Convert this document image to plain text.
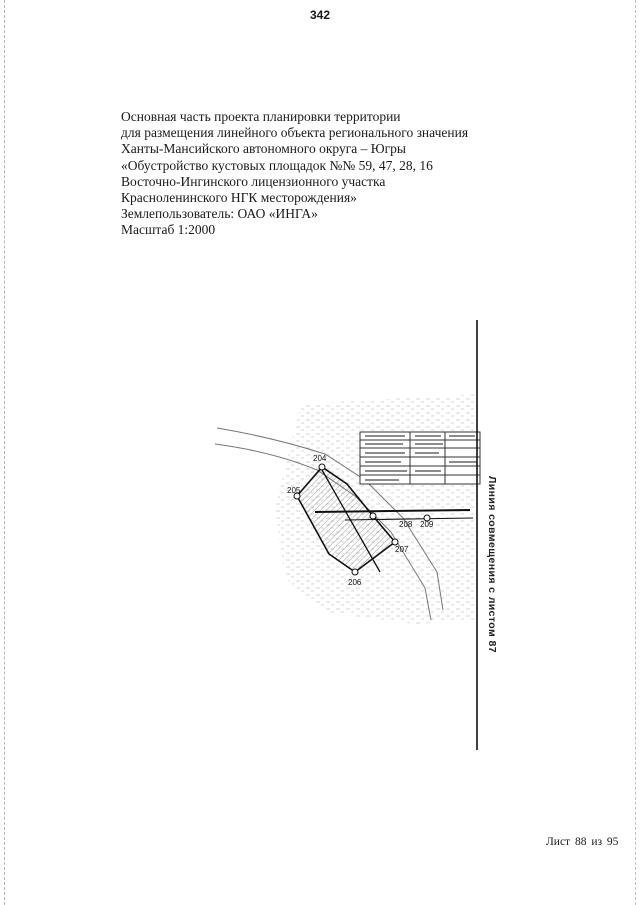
342
Основная часть проекта планировки территории
для размещения линейного объекта регионального значения
Ханты-Мансийского автономного округа – Югры
«Обустройство кустовых площадок №№ 59, 47, 28, 16
Восточно-Ингинского лицензионного участка
Красноленинского НГК месторождения»
Землепользователь: ОАО «ИНГА»
Масштаб 1:2000
204
205
206
207
208 209	Линия совмещения с листом 87
Лист 88 из 95
